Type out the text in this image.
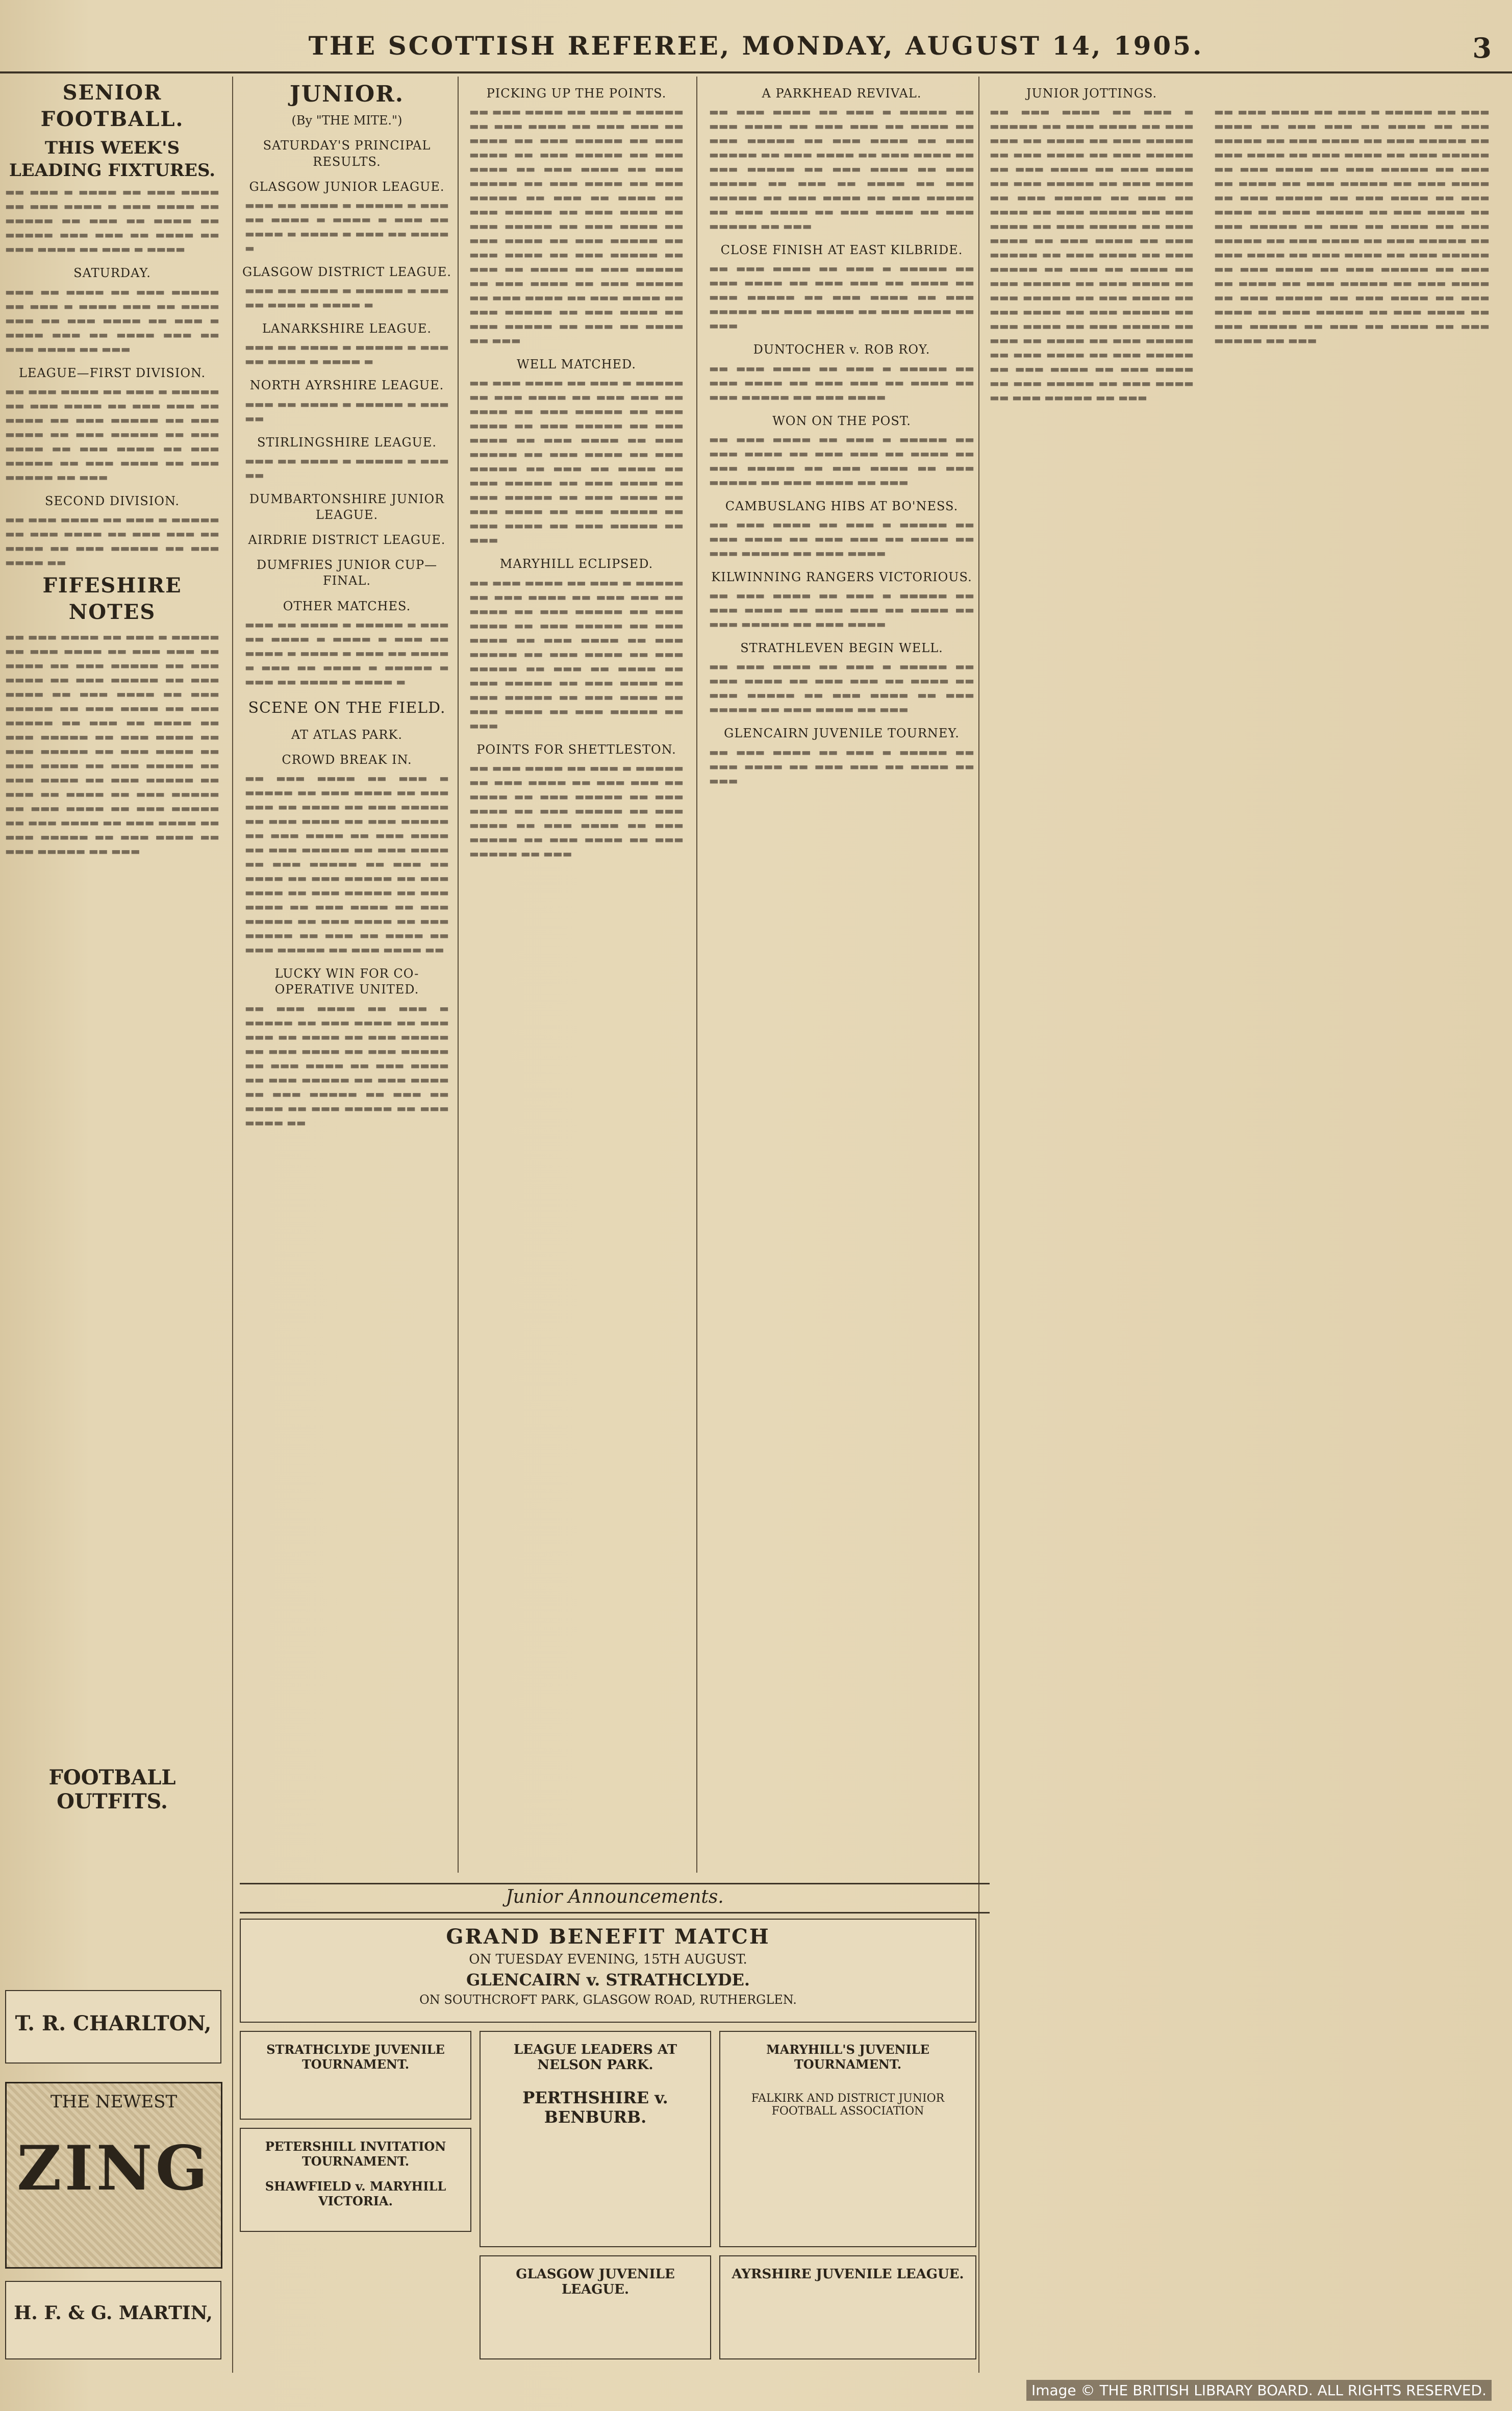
THE SCOTTISH REFEREE, MONDAY, AUGUST 14, 1905.	3
SENIOR FOOTBALL.
THIS WEEK'S LEADING FIXTURES.
▬▬ ▬▬▬ ▬ ▬▬▬▬ ▬▬ ▬▬▬ ▬▬▬▬ ▬▬ ▬▬▬ ▬▬▬▬ ▬ ▬▬▬ ▬▬▬▬ ▬▬ ▬▬▬▬▬ ▬▬ ▬▬▬ ▬▬ ▬▬▬▬ ▬▬ ▬▬▬▬▬ ▬▬▬ ▬▬▬ ▬▬ ▬▬▬▬ ▬▬ ▬▬▬ ▬▬▬▬ ▬▬ ▬▬▬ ▬ ▬▬▬▬
SATURDAY.
▬▬▬ ▬▬ ▬▬▬▬ ▬▬ ▬▬▬ ▬▬▬▬▬ ▬▬ ▬▬▬ ▬ ▬▬▬▬ ▬▬▬ ▬▬ ▬▬▬▬ ▬▬▬ ▬▬ ▬▬▬ ▬▬▬▬ ▬▬ ▬▬▬ ▬ ▬▬▬▬ ▬▬▬ ▬▬ ▬▬▬▬ ▬▬▬ ▬▬ ▬▬▬ ▬▬▬▬ ▬▬ ▬▬▬
LEAGUE—FIRST DIVISION.
▬▬ ▬▬▬ ▬▬▬▬ ▬▬ ▬▬▬ ▬ ▬▬▬▬▬ ▬▬ ▬▬▬ ▬▬▬▬ ▬▬ ▬▬▬ ▬▬▬ ▬▬ ▬▬▬▬ ▬▬ ▬▬▬ ▬▬▬▬▬ ▬▬ ▬▬▬ ▬▬▬▬ ▬▬ ▬▬▬ ▬▬▬▬▬ ▬▬ ▬▬▬ ▬▬▬▬ ▬▬ ▬▬▬ ▬▬▬▬ ▬▬ ▬▬▬ ▬▬▬▬▬ ▬▬ ▬▬▬ ▬▬▬▬ ▬▬ ▬▬▬ ▬▬▬▬▬ ▬▬ ▬▬▬
SECOND DIVISION.
▬▬ ▬▬▬ ▬▬▬▬ ▬▬ ▬▬▬ ▬ ▬▬▬▬▬ ▬▬ ▬▬▬ ▬▬▬▬ ▬▬ ▬▬▬ ▬▬▬ ▬▬ ▬▬▬▬ ▬▬ ▬▬▬ ▬▬▬▬▬ ▬▬ ▬▬▬ ▬▬▬▬ ▬▬
FIFESHIRE NOTES
▬▬ ▬▬▬ ▬▬▬▬ ▬▬ ▬▬▬ ▬ ▬▬▬▬▬ ▬▬ ▬▬▬ ▬▬▬▬ ▬▬ ▬▬▬ ▬▬▬ ▬▬ ▬▬▬▬ ▬▬ ▬▬▬ ▬▬▬▬▬ ▬▬ ▬▬▬ ▬▬▬▬ ▬▬ ▬▬▬ ▬▬▬▬▬ ▬▬ ▬▬▬ ▬▬▬▬ ▬▬ ▬▬▬ ▬▬▬▬ ▬▬ ▬▬▬ ▬▬▬▬▬ ▬▬ ▬▬▬ ▬▬▬▬ ▬▬ ▬▬▬ ▬▬▬▬▬ ▬▬ ▬▬▬ ▬▬ ▬▬▬▬ ▬▬ ▬▬▬ ▬▬▬▬▬ ▬▬ ▬▬▬ ▬▬▬▬ ▬▬ ▬▬▬ ▬▬▬▬▬ ▬▬ ▬▬▬ ▬▬▬▬ ▬▬ ▬▬▬ ▬▬▬▬ ▬▬ ▬▬▬ ▬▬▬▬▬ ▬▬ ▬▬▬ ▬▬▬▬ ▬▬ ▬▬▬ ▬▬▬▬▬ ▬▬ ▬▬▬ ▬▬ ▬▬▬▬ ▬▬ ▬▬▬ ▬▬▬▬▬ ▬▬ ▬▬▬ ▬▬▬▬ ▬▬ ▬▬▬ ▬▬▬▬▬ ▬▬ ▬▬▬ ▬▬▬▬ ▬▬ ▬▬▬ ▬▬▬▬ ▬▬ ▬▬▬ ▬▬▬▬▬ ▬▬ ▬▬▬ ▬▬▬▬ ▬▬ ▬▬▬ ▬▬▬▬▬ ▬▬ ▬▬▬
FOOTBALL OUTFITS.
T. R. CHARLTON,
THE NEWEST
ZING
H. F. & G. MARTIN,
JUNIOR.
(By "THE MITE.")
SATURDAY'S PRINCIPAL RESULTS.
GLASGOW JUNIOR LEAGUE.
▬▬▬ ▬▬ ▬▬▬▬ ▬ ▬▬▬▬▬ ▬ ▬▬▬ ▬▬ ▬▬▬▬ ▬ ▬▬▬▬ ▬ ▬▬▬ ▬▬ ▬▬▬▬ ▬ ▬▬▬▬ ▬ ▬▬▬ ▬▬ ▬▬▬▬ ▬
GLASGOW DISTRICT LEAGUE.
▬▬▬ ▬▬ ▬▬▬▬ ▬ ▬▬▬▬▬ ▬ ▬▬▬ ▬▬ ▬▬▬▬ ▬ ▬▬▬▬ ▬
LANARKSHIRE LEAGUE.
▬▬▬ ▬▬ ▬▬▬▬ ▬ ▬▬▬▬▬ ▬ ▬▬▬ ▬▬ ▬▬▬▬ ▬ ▬▬▬▬ ▬
NORTH AYRSHIRE LEAGUE.
▬▬▬ ▬▬ ▬▬▬▬ ▬ ▬▬▬▬▬ ▬ ▬▬▬ ▬▬
STIRLINGSHIRE LEAGUE.
▬▬▬ ▬▬ ▬▬▬▬ ▬ ▬▬▬▬▬ ▬ ▬▬▬ ▬▬
DUMBARTONSHIRE JUNIOR LEAGUE.
AIRDRIE DISTRICT LEAGUE.
DUMFRIES JUNIOR CUP—FINAL.
OTHER MATCHES.
▬▬▬ ▬▬ ▬▬▬▬ ▬ ▬▬▬▬▬ ▬ ▬▬▬ ▬▬ ▬▬▬▬ ▬ ▬▬▬▬ ▬ ▬▬▬ ▬▬ ▬▬▬▬ ▬ ▬▬▬▬ ▬ ▬▬▬ ▬▬ ▬▬▬▬ ▬ ▬▬▬ ▬▬ ▬▬▬▬ ▬ ▬▬▬▬▬ ▬ ▬▬▬ ▬▬ ▬▬▬▬ ▬ ▬▬▬▬ ▬
SCENE ON THE FIELD.
AT ATLAS PARK.
CROWD BREAK IN.
▬▬ ▬▬▬ ▬▬▬▬ ▬▬ ▬▬▬ ▬ ▬▬▬▬▬ ▬▬ ▬▬▬ ▬▬▬▬ ▬▬ ▬▬▬ ▬▬▬ ▬▬ ▬▬▬▬ ▬▬ ▬▬▬ ▬▬▬▬▬ ▬▬ ▬▬▬ ▬▬▬▬ ▬▬ ▬▬▬ ▬▬▬▬▬ ▬▬ ▬▬▬ ▬▬▬▬ ▬▬ ▬▬▬ ▬▬▬▬ ▬▬ ▬▬▬ ▬▬▬▬▬ ▬▬ ▬▬▬ ▬▬▬▬ ▬▬ ▬▬▬ ▬▬▬▬▬ ▬▬ ▬▬▬ ▬▬ ▬▬▬▬ ▬▬ ▬▬▬ ▬▬▬▬▬ ▬▬ ▬▬▬ ▬▬▬▬ ▬▬ ▬▬▬ ▬▬▬▬▬ ▬▬ ▬▬▬ ▬▬▬▬ ▬▬ ▬▬▬ ▬▬▬▬ ▬▬ ▬▬▬ ▬▬▬▬▬ ▬▬ ▬▬▬ ▬▬▬▬ ▬▬ ▬▬▬ ▬▬▬▬▬ ▬▬ ▬▬▬ ▬▬ ▬▬▬▬ ▬▬ ▬▬▬ ▬▬▬▬▬ ▬▬ ▬▬▬ ▬▬▬▬ ▬▬
LUCKY WIN FOR CO-OPERATIVE UNITED.
▬▬ ▬▬▬ ▬▬▬▬ ▬▬ ▬▬▬ ▬ ▬▬▬▬▬ ▬▬ ▬▬▬ ▬▬▬▬ ▬▬ ▬▬▬ ▬▬▬ ▬▬ ▬▬▬▬ ▬▬ ▬▬▬ ▬▬▬▬▬ ▬▬ ▬▬▬ ▬▬▬▬ ▬▬ ▬▬▬ ▬▬▬▬▬ ▬▬ ▬▬▬ ▬▬▬▬ ▬▬ ▬▬▬ ▬▬▬▬ ▬▬ ▬▬▬ ▬▬▬▬▬ ▬▬ ▬▬▬ ▬▬▬▬ ▬▬ ▬▬▬ ▬▬▬▬▬ ▬▬ ▬▬▬ ▬▬ ▬▬▬▬ ▬▬ ▬▬▬ ▬▬▬▬▬ ▬▬ ▬▬▬ ▬▬▬▬ ▬▬
PICKING UP THE POINTS.
▬▬ ▬▬▬ ▬▬▬▬ ▬▬ ▬▬▬ ▬ ▬▬▬▬▬ ▬▬ ▬▬▬ ▬▬▬▬ ▬▬ ▬▬▬ ▬▬▬ ▬▬ ▬▬▬▬ ▬▬ ▬▬▬ ▬▬▬▬▬ ▬▬ ▬▬▬ ▬▬▬▬ ▬▬ ▬▬▬ ▬▬▬▬▬ ▬▬ ▬▬▬ ▬▬▬▬ ▬▬ ▬▬▬ ▬▬▬▬ ▬▬ ▬▬▬ ▬▬▬▬▬ ▬▬ ▬▬▬ ▬▬▬▬ ▬▬ ▬▬▬ ▬▬▬▬▬ ▬▬ ▬▬▬ ▬▬ ▬▬▬▬ ▬▬ ▬▬▬ ▬▬▬▬▬ ▬▬ ▬▬▬ ▬▬▬▬ ▬▬ ▬▬▬ ▬▬▬▬▬ ▬▬ ▬▬▬ ▬▬▬▬ ▬▬ ▬▬▬ ▬▬▬▬ ▬▬ ▬▬▬ ▬▬▬▬▬ ▬▬ ▬▬▬ ▬▬▬▬ ▬▬ ▬▬▬ ▬▬▬▬▬ ▬▬ ▬▬▬ ▬▬ ▬▬▬▬ ▬▬ ▬▬▬ ▬▬▬▬▬ ▬▬ ▬▬▬ ▬▬▬▬ ▬▬ ▬▬▬ ▬▬▬▬▬ ▬▬ ▬▬▬ ▬▬▬▬ ▬▬ ▬▬▬ ▬▬▬▬ ▬▬ ▬▬▬ ▬▬▬▬▬ ▬▬ ▬▬▬ ▬▬▬▬ ▬▬ ▬▬▬ ▬▬▬▬▬ ▬▬ ▬▬▬ ▬▬ ▬▬▬▬ ▬▬ ▬▬▬
WELL MATCHED.
▬▬ ▬▬▬ ▬▬▬▬ ▬▬ ▬▬▬ ▬ ▬▬▬▬▬ ▬▬ ▬▬▬ ▬▬▬▬ ▬▬ ▬▬▬ ▬▬▬ ▬▬ ▬▬▬▬ ▬▬ ▬▬▬ ▬▬▬▬▬ ▬▬ ▬▬▬ ▬▬▬▬ ▬▬ ▬▬▬ ▬▬▬▬▬ ▬▬ ▬▬▬ ▬▬▬▬ ▬▬ ▬▬▬ ▬▬▬▬ ▬▬ ▬▬▬ ▬▬▬▬▬ ▬▬ ▬▬▬ ▬▬▬▬ ▬▬ ▬▬▬ ▬▬▬▬▬ ▬▬ ▬▬▬ ▬▬ ▬▬▬▬ ▬▬ ▬▬▬ ▬▬▬▬▬ ▬▬ ▬▬▬ ▬▬▬▬ ▬▬ ▬▬▬ ▬▬▬▬▬ ▬▬ ▬▬▬ ▬▬▬▬ ▬▬ ▬▬▬ ▬▬▬▬ ▬▬ ▬▬▬ ▬▬▬▬▬ ▬▬ ▬▬▬ ▬▬▬▬ ▬▬ ▬▬▬ ▬▬▬▬▬ ▬▬ ▬▬▬
MARYHILL ECLIPSED.
▬▬ ▬▬▬ ▬▬▬▬ ▬▬ ▬▬▬ ▬ ▬▬▬▬▬ ▬▬ ▬▬▬ ▬▬▬▬ ▬▬ ▬▬▬ ▬▬▬ ▬▬ ▬▬▬▬ ▬▬ ▬▬▬ ▬▬▬▬▬ ▬▬ ▬▬▬ ▬▬▬▬ ▬▬ ▬▬▬ ▬▬▬▬▬ ▬▬ ▬▬▬ ▬▬▬▬ ▬▬ ▬▬▬ ▬▬▬▬ ▬▬ ▬▬▬ ▬▬▬▬▬ ▬▬ ▬▬▬ ▬▬▬▬ ▬▬ ▬▬▬ ▬▬▬▬▬ ▬▬ ▬▬▬ ▬▬ ▬▬▬▬ ▬▬ ▬▬▬ ▬▬▬▬▬ ▬▬ ▬▬▬ ▬▬▬▬ ▬▬ ▬▬▬ ▬▬▬▬▬ ▬▬ ▬▬▬ ▬▬▬▬ ▬▬ ▬▬▬ ▬▬▬▬ ▬▬ ▬▬▬ ▬▬▬▬▬ ▬▬ ▬▬▬
POINTS FOR SHETTLESTON.
▬▬ ▬▬▬ ▬▬▬▬ ▬▬ ▬▬▬ ▬ ▬▬▬▬▬ ▬▬ ▬▬▬ ▬▬▬▬ ▬▬ ▬▬▬ ▬▬▬ ▬▬ ▬▬▬▬ ▬▬ ▬▬▬ ▬▬▬▬▬ ▬▬ ▬▬▬ ▬▬▬▬ ▬▬ ▬▬▬ ▬▬▬▬▬ ▬▬ ▬▬▬ ▬▬▬▬ ▬▬ ▬▬▬ ▬▬▬▬ ▬▬ ▬▬▬ ▬▬▬▬▬ ▬▬ ▬▬▬ ▬▬▬▬ ▬▬ ▬▬▬ ▬▬▬▬▬ ▬▬ ▬▬▬
A PARKHEAD REVIVAL.
▬▬ ▬▬▬ ▬▬▬▬ ▬▬ ▬▬▬ ▬ ▬▬▬▬▬ ▬▬ ▬▬▬ ▬▬▬▬ ▬▬ ▬▬▬ ▬▬▬ ▬▬ ▬▬▬▬ ▬▬ ▬▬▬ ▬▬▬▬▬ ▬▬ ▬▬▬ ▬▬▬▬ ▬▬ ▬▬▬ ▬▬▬▬▬ ▬▬ ▬▬▬ ▬▬▬▬ ▬▬ ▬▬▬ ▬▬▬▬ ▬▬ ▬▬▬ ▬▬▬▬▬ ▬▬ ▬▬▬ ▬▬▬▬ ▬▬ ▬▬▬ ▬▬▬▬▬ ▬▬ ▬▬▬ ▬▬ ▬▬▬▬ ▬▬ ▬▬▬ ▬▬▬▬▬ ▬▬ ▬▬▬ ▬▬▬▬ ▬▬ ▬▬▬ ▬▬▬▬▬ ▬▬ ▬▬▬ ▬▬▬▬ ▬▬ ▬▬▬ ▬▬▬▬ ▬▬ ▬▬▬ ▬▬▬▬▬ ▬▬ ▬▬▬
CLOSE FINISH AT EAST KILBRIDE.
▬▬ ▬▬▬ ▬▬▬▬ ▬▬ ▬▬▬ ▬ ▬▬▬▬▬ ▬▬ ▬▬▬ ▬▬▬▬ ▬▬ ▬▬▬ ▬▬▬ ▬▬ ▬▬▬▬ ▬▬ ▬▬▬ ▬▬▬▬▬ ▬▬ ▬▬▬ ▬▬▬▬ ▬▬ ▬▬▬ ▬▬▬▬▬ ▬▬ ▬▬▬ ▬▬▬▬ ▬▬ ▬▬▬ ▬▬▬▬ ▬▬ ▬▬▬
DUNTOCHER v. ROB ROY.
▬▬ ▬▬▬ ▬▬▬▬ ▬▬ ▬▬▬ ▬ ▬▬▬▬▬ ▬▬ ▬▬▬ ▬▬▬▬ ▬▬ ▬▬▬ ▬▬▬ ▬▬ ▬▬▬▬ ▬▬ ▬▬▬ ▬▬▬▬▬ ▬▬ ▬▬▬ ▬▬▬▬
WON ON THE POST.
▬▬ ▬▬▬ ▬▬▬▬ ▬▬ ▬▬▬ ▬ ▬▬▬▬▬ ▬▬ ▬▬▬ ▬▬▬▬ ▬▬ ▬▬▬ ▬▬▬ ▬▬ ▬▬▬▬ ▬▬ ▬▬▬ ▬▬▬▬▬ ▬▬ ▬▬▬ ▬▬▬▬ ▬▬ ▬▬▬ ▬▬▬▬▬ ▬▬ ▬▬▬ ▬▬▬▬ ▬▬ ▬▬▬
CAMBUSLANG HIBS AT BO'NESS.
▬▬ ▬▬▬ ▬▬▬▬ ▬▬ ▬▬▬ ▬ ▬▬▬▬▬ ▬▬ ▬▬▬ ▬▬▬▬ ▬▬ ▬▬▬ ▬▬▬ ▬▬ ▬▬▬▬ ▬▬ ▬▬▬ ▬▬▬▬▬ ▬▬ ▬▬▬ ▬▬▬▬
KILWINNING RANGERS VICTORIOUS.
▬▬ ▬▬▬ ▬▬▬▬ ▬▬ ▬▬▬ ▬ ▬▬▬▬▬ ▬▬ ▬▬▬ ▬▬▬▬ ▬▬ ▬▬▬ ▬▬▬ ▬▬ ▬▬▬▬ ▬▬ ▬▬▬ ▬▬▬▬▬ ▬▬ ▬▬▬ ▬▬▬▬
STRATHLEVEN BEGIN WELL.
▬▬ ▬▬▬ ▬▬▬▬ ▬▬ ▬▬▬ ▬ ▬▬▬▬▬ ▬▬ ▬▬▬ ▬▬▬▬ ▬▬ ▬▬▬ ▬▬▬ ▬▬ ▬▬▬▬ ▬▬ ▬▬▬ ▬▬▬▬▬ ▬▬ ▬▬▬ ▬▬▬▬ ▬▬ ▬▬▬ ▬▬▬▬▬ ▬▬ ▬▬▬ ▬▬▬▬ ▬▬ ▬▬▬
GLENCAIRN JUVENILE TOURNEY.
▬▬ ▬▬▬ ▬▬▬▬ ▬▬ ▬▬▬ ▬ ▬▬▬▬▬ ▬▬ ▬▬▬ ▬▬▬▬ ▬▬ ▬▬▬ ▬▬▬ ▬▬ ▬▬▬▬ ▬▬ ▬▬▬
JUNIOR JOTTINGS.
▬▬ ▬▬▬ ▬▬▬▬ ▬▬ ▬▬▬ ▬ ▬▬▬▬▬ ▬▬ ▬▬▬ ▬▬▬▬ ▬▬ ▬▬▬ ▬▬▬ ▬▬ ▬▬▬▬ ▬▬ ▬▬▬ ▬▬▬▬▬ ▬▬ ▬▬▬ ▬▬▬▬ ▬▬ ▬▬▬ ▬▬▬▬▬ ▬▬ ▬▬▬ ▬▬▬▬ ▬▬ ▬▬▬ ▬▬▬▬ ▬▬ ▬▬▬ ▬▬▬▬▬ ▬▬ ▬▬▬ ▬▬▬▬ ▬▬ ▬▬▬ ▬▬▬▬▬ ▬▬ ▬▬▬ ▬▬ ▬▬▬▬ ▬▬ ▬▬▬ ▬▬▬▬▬ ▬▬ ▬▬▬ ▬▬▬▬ ▬▬ ▬▬▬ ▬▬▬▬▬ ▬▬ ▬▬▬ ▬▬▬▬ ▬▬ ▬▬▬ ▬▬▬▬ ▬▬ ▬▬▬ ▬▬▬▬▬ ▬▬ ▬▬▬ ▬▬▬▬ ▬▬ ▬▬▬ ▬▬▬▬▬ ▬▬ ▬▬▬ ▬▬ ▬▬▬▬ ▬▬ ▬▬▬ ▬▬▬▬▬ ▬▬ ▬▬▬ ▬▬▬▬ ▬▬ ▬▬▬ ▬▬▬▬▬ ▬▬ ▬▬▬ ▬▬▬▬ ▬▬ ▬▬▬ ▬▬▬▬ ▬▬ ▬▬▬ ▬▬▬▬▬ ▬▬ ▬▬▬ ▬▬▬▬ ▬▬ ▬▬▬ ▬▬▬▬▬ ▬▬ ▬▬▬ ▬▬ ▬▬▬▬ ▬▬ ▬▬▬ ▬▬▬▬▬ ▬▬ ▬▬▬ ▬▬▬▬ ▬▬ ▬▬▬ ▬▬▬▬▬ ▬▬ ▬▬▬ ▬▬▬▬ ▬▬ ▬▬▬ ▬▬▬▬ ▬▬ ▬▬▬ ▬▬▬▬▬ ▬▬ ▬▬▬ ▬▬▬▬ ▬▬ ▬▬▬ ▬▬▬▬▬ ▬▬ ▬▬▬
▬▬ ▬▬▬ ▬▬▬▬ ▬▬ ▬▬▬ ▬ ▬▬▬▬▬ ▬▬ ▬▬▬ ▬▬▬▬ ▬▬ ▬▬▬ ▬▬▬ ▬▬ ▬▬▬▬ ▬▬ ▬▬▬ ▬▬▬▬▬ ▬▬ ▬▬▬ ▬▬▬▬ ▬▬ ▬▬▬ ▬▬▬▬▬ ▬▬ ▬▬▬ ▬▬▬▬ ▬▬ ▬▬▬ ▬▬▬▬ ▬▬ ▬▬▬ ▬▬▬▬▬ ▬▬ ▬▬▬ ▬▬▬▬ ▬▬ ▬▬▬ ▬▬▬▬▬ ▬▬ ▬▬▬ ▬▬ ▬▬▬▬ ▬▬ ▬▬▬ ▬▬▬▬▬ ▬▬ ▬▬▬ ▬▬▬▬ ▬▬ ▬▬▬ ▬▬▬▬▬ ▬▬ ▬▬▬ ▬▬▬▬ ▬▬ ▬▬▬ ▬▬▬▬ ▬▬ ▬▬▬ ▬▬▬▬▬ ▬▬ ▬▬▬ ▬▬▬▬ ▬▬ ▬▬▬ ▬▬▬▬▬ ▬▬ ▬▬▬ ▬▬ ▬▬▬▬ ▬▬ ▬▬▬ ▬▬▬▬▬ ▬▬ ▬▬▬ ▬▬▬▬ ▬▬ ▬▬▬ ▬▬▬▬▬ ▬▬ ▬▬▬ ▬▬▬▬ ▬▬ ▬▬▬ ▬▬▬▬ ▬▬ ▬▬▬ ▬▬▬▬▬ ▬▬ ▬▬▬ ▬▬▬▬ ▬▬ ▬▬▬ ▬▬▬▬▬ ▬▬ ▬▬▬ ▬▬ ▬▬▬▬ ▬▬ ▬▬▬ ▬▬▬▬▬ ▬▬ ▬▬▬ ▬▬▬▬ ▬▬ ▬▬▬ ▬▬▬▬▬ ▬▬ ▬▬▬ ▬▬▬▬ ▬▬ ▬▬▬ ▬▬▬▬ ▬▬ ▬▬▬ ▬▬▬▬▬ ▬▬ ▬▬▬ ▬▬▬▬ ▬▬ ▬▬▬ ▬▬▬▬▬ ▬▬ ▬▬▬ ▬▬ ▬▬▬▬ ▬▬ ▬▬▬ ▬▬▬▬▬ ▬▬ ▬▬▬
Junior Announcements.
GRAND BENEFIT MATCH
ON TUESDAY EVENING, 15TH AUGUST.
GLENCAIRN v. STRATHCLYDE.
ON SOUTHCROFT PARK, GLASGOW ROAD, RUTHERGLEN.
STRATHCLYDE JUVENILE TOURNAMENT.
LEAGUE LEADERS AT NELSON PARK.
PERTHSHIRE v. BENBURB.
PETERSHILL INVITATION TOURNAMENT.
SHAWFIELD v. MARYHILL VICTORIA.
MARYHILL'S JUVENILE TOURNAMENT.
FALKIRK AND DISTRICT JUNIOR FOOTBALL ASSOCIATION
GLASGOW JUVENILE LEAGUE.
AYRSHIRE JUVENILE LEAGUE.
Image © THE BRITISH LIBRARY BOARD. ALL RIGHTS RESERVED.
